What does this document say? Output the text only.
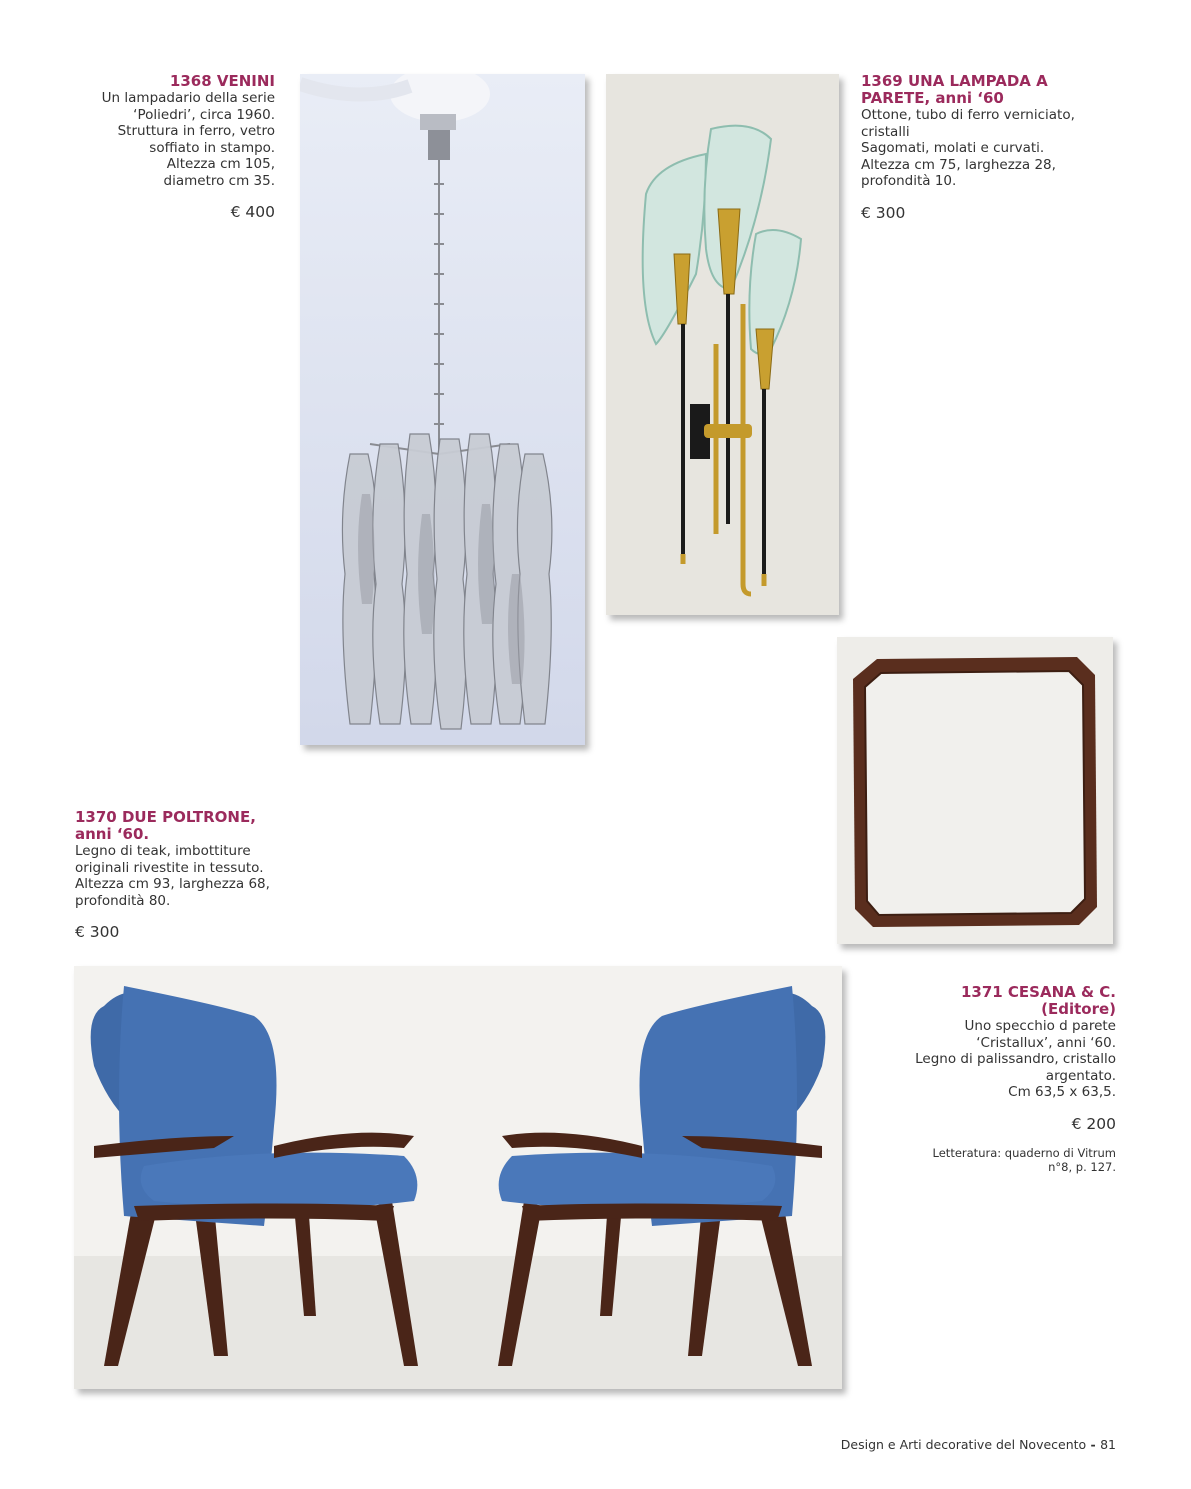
1368 VENINI
Un lampadario della serie
‘Poliedri’, circa 1960.
Struttura in ferro, vetro
soffiato in stampo.
Altezza cm 105,
diametro cm 35.
€ 400
1369 UNA LAMPADA A
PARETE, anni ‘60
Ottone, tubo di ferro verniciato,
cristalli
Sagomati, molati e curvati.
Altezza cm 75, larghezza 28,
profondità 10.
€ 300
1370 DUE POLTRONE,
anni ‘60.
Legno di teak, imbottiture
originali rivestite in tessuto.
Altezza cm 93, larghezza 68,
profondità 80.
€ 300
1371 CESANA & C.
(Editore)
Uno specchio d parete
‘Cristallux’, anni ‘60.
Legno di palissandro, cristallo
argentato.
Cm 63,5 x 63,5.
€ 200
Letteratura: quaderno di Vitrum
n°8, p. 127.
Design e Arti decorative del Novecento - 81
